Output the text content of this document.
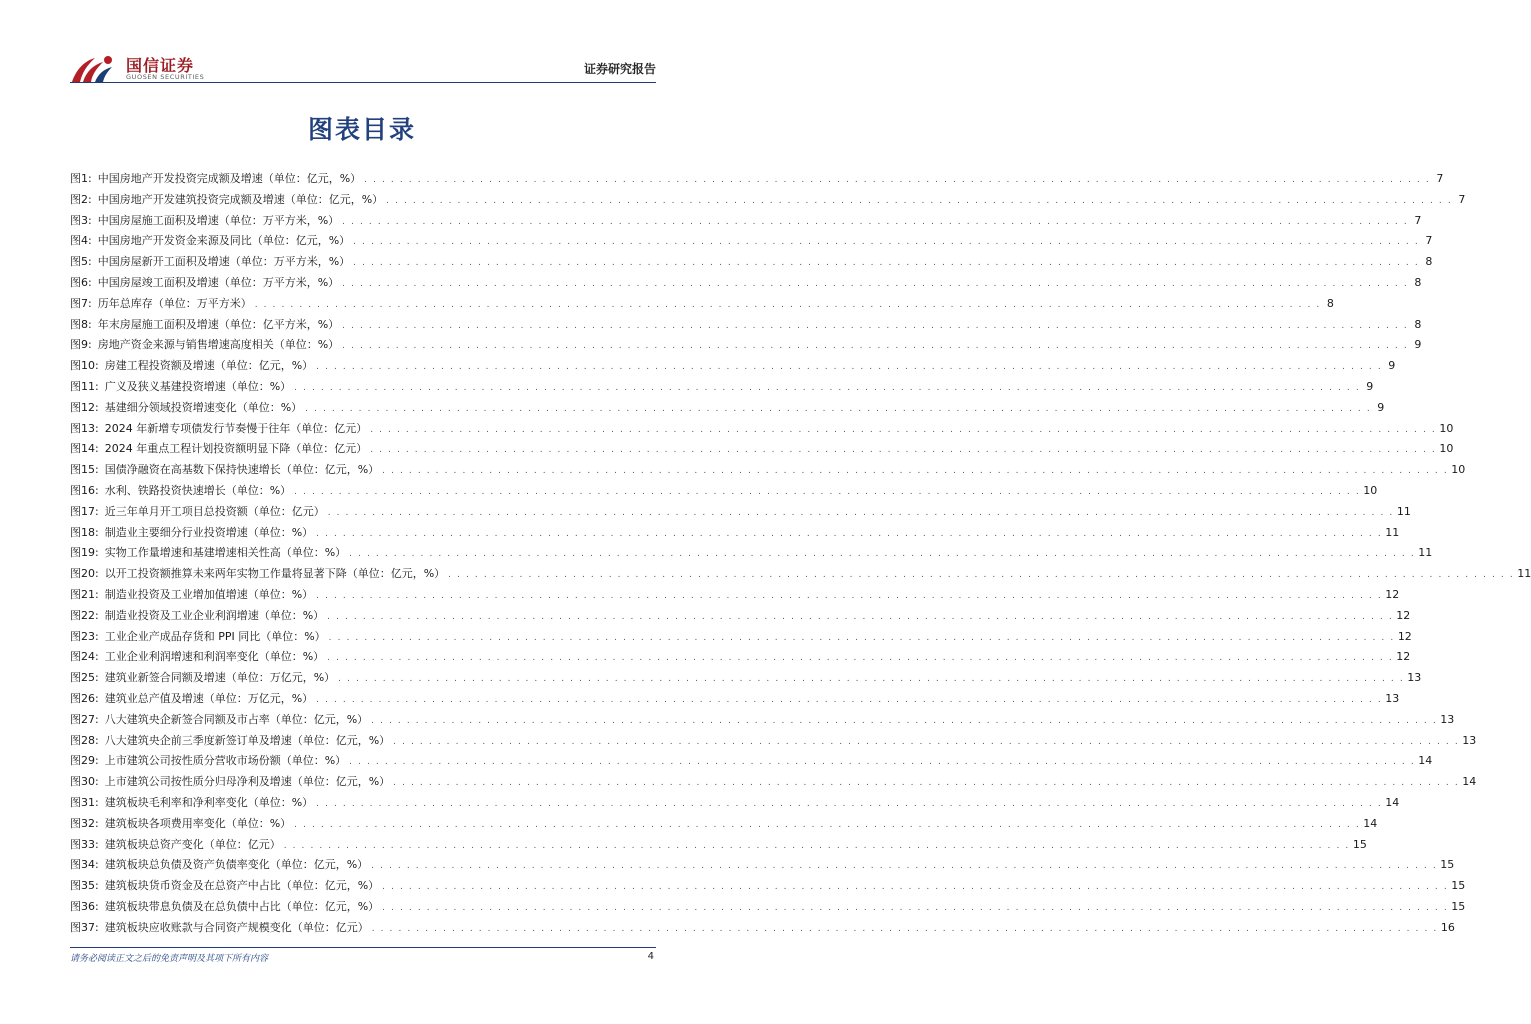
国信证券
GUOSEN SECURITIES
证券研究报告
图表目录
图1: 中国房地产开发投资完成额及增速（单位：亿元，%） . . . . . . . . . . . . . . . . . . . . . . . . . . . . . . . . . . . . . . . . . . . . . . . . . . . . . . . . . . . . . . . . . . . . . . . . . . . . . . . . . . . . . . . . . . . . . . . . . . . . . . . . . . . . . . . . . . . . . . . . 7
图2: 中国房地产开发建筑投资完成额及增速（单位：亿元，%） . . . . . . . . . . . . . . . . . . . . . . . . . . . . . . . . . . . . . . . . . . . . . . . . . . . . . . . . . . . . . . . . . . . . . . . . . . . . . . . . . . . . . . . . . . . . . . . . . . . . . . . . . . . . . . . . . . . . . . . . 7
图3: 中国房屋施工面积及增速（单位：万平方米，%） . . . . . . . . . . . . . . . . . . . . . . . . . . . . . . . . . . . . . . . . . . . . . . . . . . . . . . . . . . . . . . . . . . . . . . . . . . . . . . . . . . . . . . . . . . . . . . . . . . . . . . . . . . . . . . . . . . . . . . . . 7
图4: 中国房地产开发资金来源及同比（单位：亿元，%） . . . . . . . . . . . . . . . . . . . . . . . . . . . . . . . . . . . . . . . . . . . . . . . . . . . . . . . . . . . . . . . . . . . . . . . . . . . . . . . . . . . . . . . . . . . . . . . . . . . . . . . . . . . . . . . . . . . . . . . . 7
图5: 中国房屋新开工面积及增速（单位：万平方米，%） . . . . . . . . . . . . . . . . . . . . . . . . . . . . . . . . . . . . . . . . . . . . . . . . . . . . . . . . . . . . . . . . . . . . . . . . . . . . . . . . . . . . . . . . . . . . . . . . . . . . . . . . . . . . . . . . . . . . . . . . 8
图6: 中国房屋竣工面积及增速（单位：万平方米，%） . . . . . . . . . . . . . . . . . . . . . . . . . . . . . . . . . . . . . . . . . . . . . . . . . . . . . . . . . . . . . . . . . . . . . . . . . . . . . . . . . . . . . . . . . . . . . . . . . . . . . . . . . . . . . . . . . . . . . . . . 8
图7: 历年总库存（单位：万平方米） . . . . . . . . . . . . . . . . . . . . . . . . . . . . . . . . . . . . . . . . . . . . . . . . . . . . . . . . . . . . . . . . . . . . . . . . . . . . . . . . . . . . . . . . . . . . . . . . . . . . . . . . . . . . . . . . . . . . . . . . 8
图8: 年末房屋施工面积及增速（单位：亿平方米，%） . . . . . . . . . . . . . . . . . . . . . . . . . . . . . . . . . . . . . . . . . . . . . . . . . . . . . . . . . . . . . . . . . . . . . . . . . . . . . . . . . . . . . . . . . . . . . . . . . . . . . . . . . . . . . . . . . . . . . . . . 8
图9: 房地产资金来源与销售增速高度相关（单位：%） . . . . . . . . . . . . . . . . . . . . . . . . . . . . . . . . . . . . . . . . . . . . . . . . . . . . . . . . . . . . . . . . . . . . . . . . . . . . . . . . . . . . . . . . . . . . . . . . . . . . . . . . . . . . . . . . . . . . . . . . 9
图10: 房建工程投资额及增速（单位：亿元，%） . . . . . . . . . . . . . . . . . . . . . . . . . . . . . . . . . . . . . . . . . . . . . . . . . . . . . . . . . . . . . . . . . . . . . . . . . . . . . . . . . . . . . . . . . . . . . . . . . . . . . . . . . . . . . . . . . . . . . . . . 9
图11: 广义及狭义基建投资增速（单位：%） . . . . . . . . . . . . . . . . . . . . . . . . . . . . . . . . . . . . . . . . . . . . . . . . . . . . . . . . . . . . . . . . . . . . . . . . . . . . . . . . . . . . . . . . . . . . . . . . . . . . . . . . . . . . . . . . . . . . . . . . 9
图12: 基建细分领域投资增速变化（单位：%） . . . . . . . . . . . . . . . . . . . . . . . . . . . . . . . . . . . . . . . . . . . . . . . . . . . . . . . . . . . . . . . . . . . . . . . . . . . . . . . . . . . . . . . . . . . . . . . . . . . . . . . . . . . . . . . . . . . . . . . . 9
图13: 2024 年新增专项债发行节奏慢于往年（单位：亿元） . . . . . . . . . . . . . . . . . . . . . . . . . . . . . . . . . . . . . . . . . . . . . . . . . . . . . . . . . . . . . . . . . . . . . . . . . . . . . . . . . . . . . . . . . . . . . . . . . . . . . . . . . . . . . . . . . . . . . . . . 10
图14: 2024 年重点工程计划投资额明显下降（单位：亿元） . . . . . . . . . . . . . . . . . . . . . . . . . . . . . . . . . . . . . . . . . . . . . . . . . . . . . . . . . . . . . . . . . . . . . . . . . . . . . . . . . . . . . . . . . . . . . . . . . . . . . . . . . . . . . . . . . . . . . . . . 10
图15: 国债净融资在高基数下保持快速增长（单位：亿元，%） . . . . . . . . . . . . . . . . . . . . . . . . . . . . . . . . . . . . . . . . . . . . . . . . . . . . . . . . . . . . . . . . . . . . . . . . . . . . . . . . . . . . . . . . . . . . . . . . . . . . . . . . . . . . . . . . . . . . . . . . 10
图16: 水利、铁路投资快速增长（单位：%） . . . . . . . . . . . . . . . . . . . . . . . . . . . . . . . . . . . . . . . . . . . . . . . . . . . . . . . . . . . . . . . . . . . . . . . . . . . . . . . . . . . . . . . . . . . . . . . . . . . . . . . . . . . . . . . . . . . . . . . . 10
图17: 近三年单月开工项目总投资额（单位：亿元） . . . . . . . . . . . . . . . . . . . . . . . . . . . . . . . . . . . . . . . . . . . . . . . . . . . . . . . . . . . . . . . . . . . . . . . . . . . . . . . . . . . . . . . . . . . . . . . . . . . . . . . . . . . . . . . . . . . . . . . . 11
图18: 制造业主要细分行业投资增速（单位：%） . . . . . . . . . . . . . . . . . . . . . . . . . . . . . . . . . . . . . . . . . . . . . . . . . . . . . . . . . . . . . . . . . . . . . . . . . . . . . . . . . . . . . . . . . . . . . . . . . . . . . . . . . . . . . . . . . . . . . . . . 11
图19: 实物工作量增速和基建增速相关性高（单位：%） . . . . . . . . . . . . . . . . . . . . . . . . . . . . . . . . . . . . . . . . . . . . . . . . . . . . . . . . . . . . . . . . . . . . . . . . . . . . . . . . . . . . . . . . . . . . . . . . . . . . . . . . . . . . . . . . . . . . . . . . 11
图20: 以开工投资额推算未来两年实物工作量将显著下降（单位：亿元，%） . . . . . . . . . . . . . . . . . . . . . . . . . . . . . . . . . . . . . . . . . . . . . . . . . . . . . . . . . . . . . . . . . . . . . . . . . . . . . . . . . . . . . . . . . . . . . . . . . . . . . . . . . . . . . . . . . . . . . . . . 11
图21: 制造业投资及工业增加值增速（单位：%） . . . . . . . . . . . . . . . . . . . . . . . . . . . . . . . . . . . . . . . . . . . . . . . . . . . . . . . . . . . . . . . . . . . . . . . . . . . . . . . . . . . . . . . . . . . . . . . . . . . . . . . . . . . . . . . . . . . . . . . . 12
图22: 制造业投资及工业企业利润增速（单位：%） . . . . . . . . . . . . . . . . . . . . . . . . . . . . . . . . . . . . . . . . . . . . . . . . . . . . . . . . . . . . . . . . . . . . . . . . . . . . . . . . . . . . . . . . . . . . . . . . . . . . . . . . . . . . . . . . . . . . . . . . 12
图23: 工业企业产成品存货和 PPI 同比（单位：%） . . . . . . . . . . . . . . . . . . . . . . . . . . . . . . . . . . . . . . . . . . . . . . . . . . . . . . . . . . . . . . . . . . . . . . . . . . . . . . . . . . . . . . . . . . . . . . . . . . . . . . . . . . . . . . . . . . . . . . . . 12
图24: 工业企业利润增速和利润率变化（单位：%） . . . . . . . . . . . . . . . . . . . . . . . . . . . . . . . . . . . . . . . . . . . . . . . . . . . . . . . . . . . . . . . . . . . . . . . . . . . . . . . . . . . . . . . . . . . . . . . . . . . . . . . . . . . . . . . . . . . . . . . . 12
图25: 建筑业新签合同额及增速（单位：万亿元，%） . . . . . . . . . . . . . . . . . . . . . . . . . . . . . . . . . . . . . . . . . . . . . . . . . . . . . . . . . . . . . . . . . . . . . . . . . . . . . . . . . . . . . . . . . . . . . . . . . . . . . . . . . . . . . . . . . . . . . . . . 13
图26: 建筑业总产值及增速（单位：万亿元，%） . . . . . . . . . . . . . . . . . . . . . . . . . . . . . . . . . . . . . . . . . . . . . . . . . . . . . . . . . . . . . . . . . . . . . . . . . . . . . . . . . . . . . . . . . . . . . . . . . . . . . . . . . . . . . . . . . . . . . . . . 13
图27: 八大建筑央企新签合同额及市占率（单位：亿元，%） . . . . . . . . . . . . . . . . . . . . . . . . . . . . . . . . . . . . . . . . . . . . . . . . . . . . . . . . . . . . . . . . . . . . . . . . . . . . . . . . . . . . . . . . . . . . . . . . . . . . . . . . . . . . . . . . . . . . . . . . 13
图28: 八大建筑央企前三季度新签订单及增速（单位：亿元，%） . . . . . . . . . . . . . . . . . . . . . . . . . . . . . . . . . . . . . . . . . . . . . . . . . . . . . . . . . . . . . . . . . . . . . . . . . . . . . . . . . . . . . . . . . . . . . . . . . . . . . . . . . . . . . . . . . . . . . . . . 13
图29: 上市建筑公司按性质分营收市场份额（单位：%） . . . . . . . . . . . . . . . . . . . . . . . . . . . . . . . . . . . . . . . . . . . . . . . . . . . . . . . . . . . . . . . . . . . . . . . . . . . . . . . . . . . . . . . . . . . . . . . . . . . . . . . . . . . . . . . . . . . . . . . . 14
图30: 上市建筑公司按性质分归母净利及增速（单位：亿元，%） . . . . . . . . . . . . . . . . . . . . . . . . . . . . . . . . . . . . . . . . . . . . . . . . . . . . . . . . . . . . . . . . . . . . . . . . . . . . . . . . . . . . . . . . . . . . . . . . . . . . . . . . . . . . . . . . . . . . . . . . 14
图31: 建筑板块毛利率和净利率变化（单位：%） . . . . . . . . . . . . . . . . . . . . . . . . . . . . . . . . . . . . . . . . . . . . . . . . . . . . . . . . . . . . . . . . . . . . . . . . . . . . . . . . . . . . . . . . . . . . . . . . . . . . . . . . . . . . . . . . . . . . . . . . 14
图32: 建筑板块各项费用率变化（单位：%） . . . . . . . . . . . . . . . . . . . . . . . . . . . . . . . . . . . . . . . . . . . . . . . . . . . . . . . . . . . . . . . . . . . . . . . . . . . . . . . . . . . . . . . . . . . . . . . . . . . . . . . . . . . . . . . . . . . . . . . . 14
图33: 建筑板块总资产变化（单位：亿元） . . . . . . . . . . . . . . . . . . . . . . . . . . . . . . . . . . . . . . . . . . . . . . . . . . . . . . . . . . . . . . . . . . . . . . . . . . . . . . . . . . . . . . . . . . . . . . . . . . . . . . . . . . . . . . . . . . . . . . . . 15
图34: 建筑板块总负债及资产负债率变化（单位：亿元，%） . . . . . . . . . . . . . . . . . . . . . . . . . . . . . . . . . . . . . . . . . . . . . . . . . . . . . . . . . . . . . . . . . . . . . . . . . . . . . . . . . . . . . . . . . . . . . . . . . . . . . . . . . . . . . . . . . . . . . . . . 15
图35: 建筑板块货币资金及在总资产中占比（单位：亿元，%） . . . . . . . . . . . . . . . . . . . . . . . . . . . . . . . . . . . . . . . . . . . . . . . . . . . . . . . . . . . . . . . . . . . . . . . . . . . . . . . . . . . . . . . . . . . . . . . . . . . . . . . . . . . . . . . . . . . . . . . . 15
图36: 建筑板块带息负债及在总负债中占比（单位：亿元，%） . . . . . . . . . . . . . . . . . . . . . . . . . . . . . . . . . . . . . . . . . . . . . . . . . . . . . . . . . . . . . . . . . . . . . . . . . . . . . . . . . . . . . . . . . . . . . . . . . . . . . . . . . . . . . . . . . . . . . . . . 15
图37: 建筑板块应收账款与合同资产规模变化（单位：亿元） . . . . . . . . . . . . . . . . . . . . . . . . . . . . . . . . . . . . . . . . . . . . . . . . . . . . . . . . . . . . . . . . . . . . . . . . . . . . . . . . . . . . . . . . . . . . . . . . . . . . . . . . . . . . . . . . . . . . . . . . 16
请务必阅读正文之后的免责声明及其项下所有内容	4
